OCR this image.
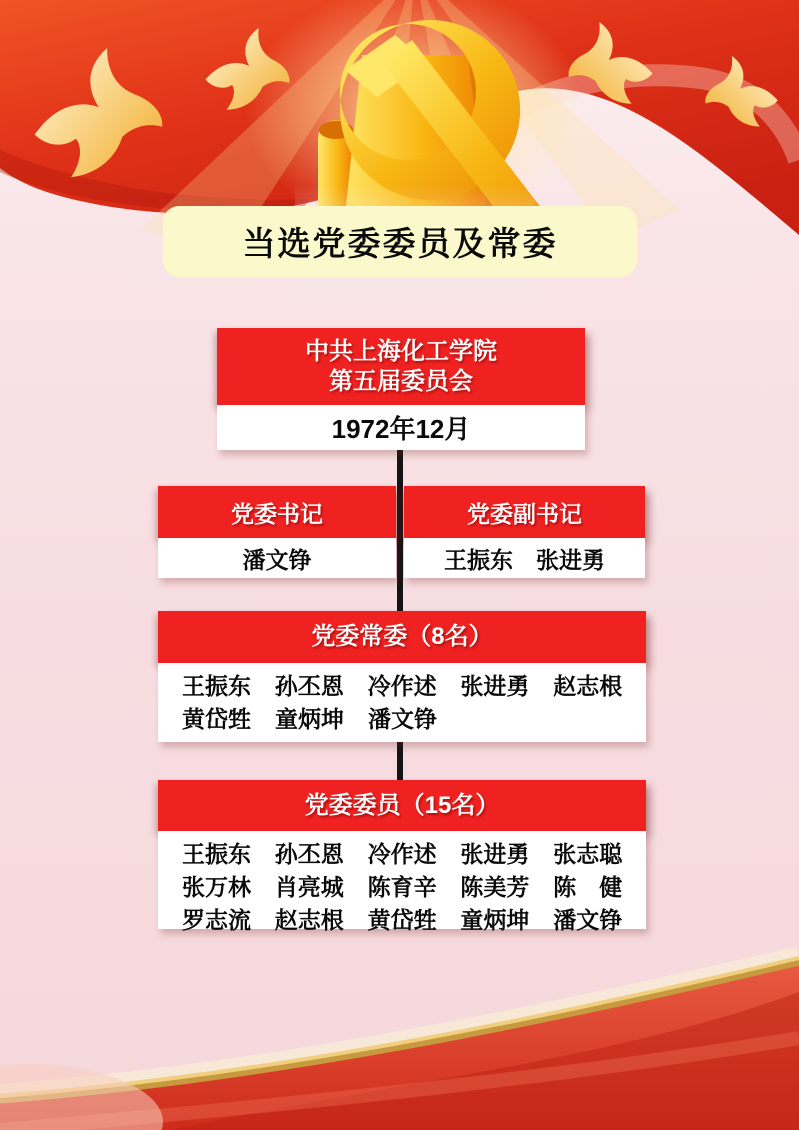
当选党委委员及常委
中共上海化工学院
第五届委员会
1972年12月
党委书记	党委副书记
潘文铮	王振东　张进勇
党委常委（8名）
王振东	孙丕恩	冷作述	张进勇	赵志根
黄岱甡	童炳坤	潘文铮
党委委员（15名）
王振东	孙丕恩	冷作述	张进勇	张志聪
张万林	肖亮城	陈育辛	陈美芳	陈　健
罗志流	赵志根	黄岱甡	童炳坤	潘文铮
